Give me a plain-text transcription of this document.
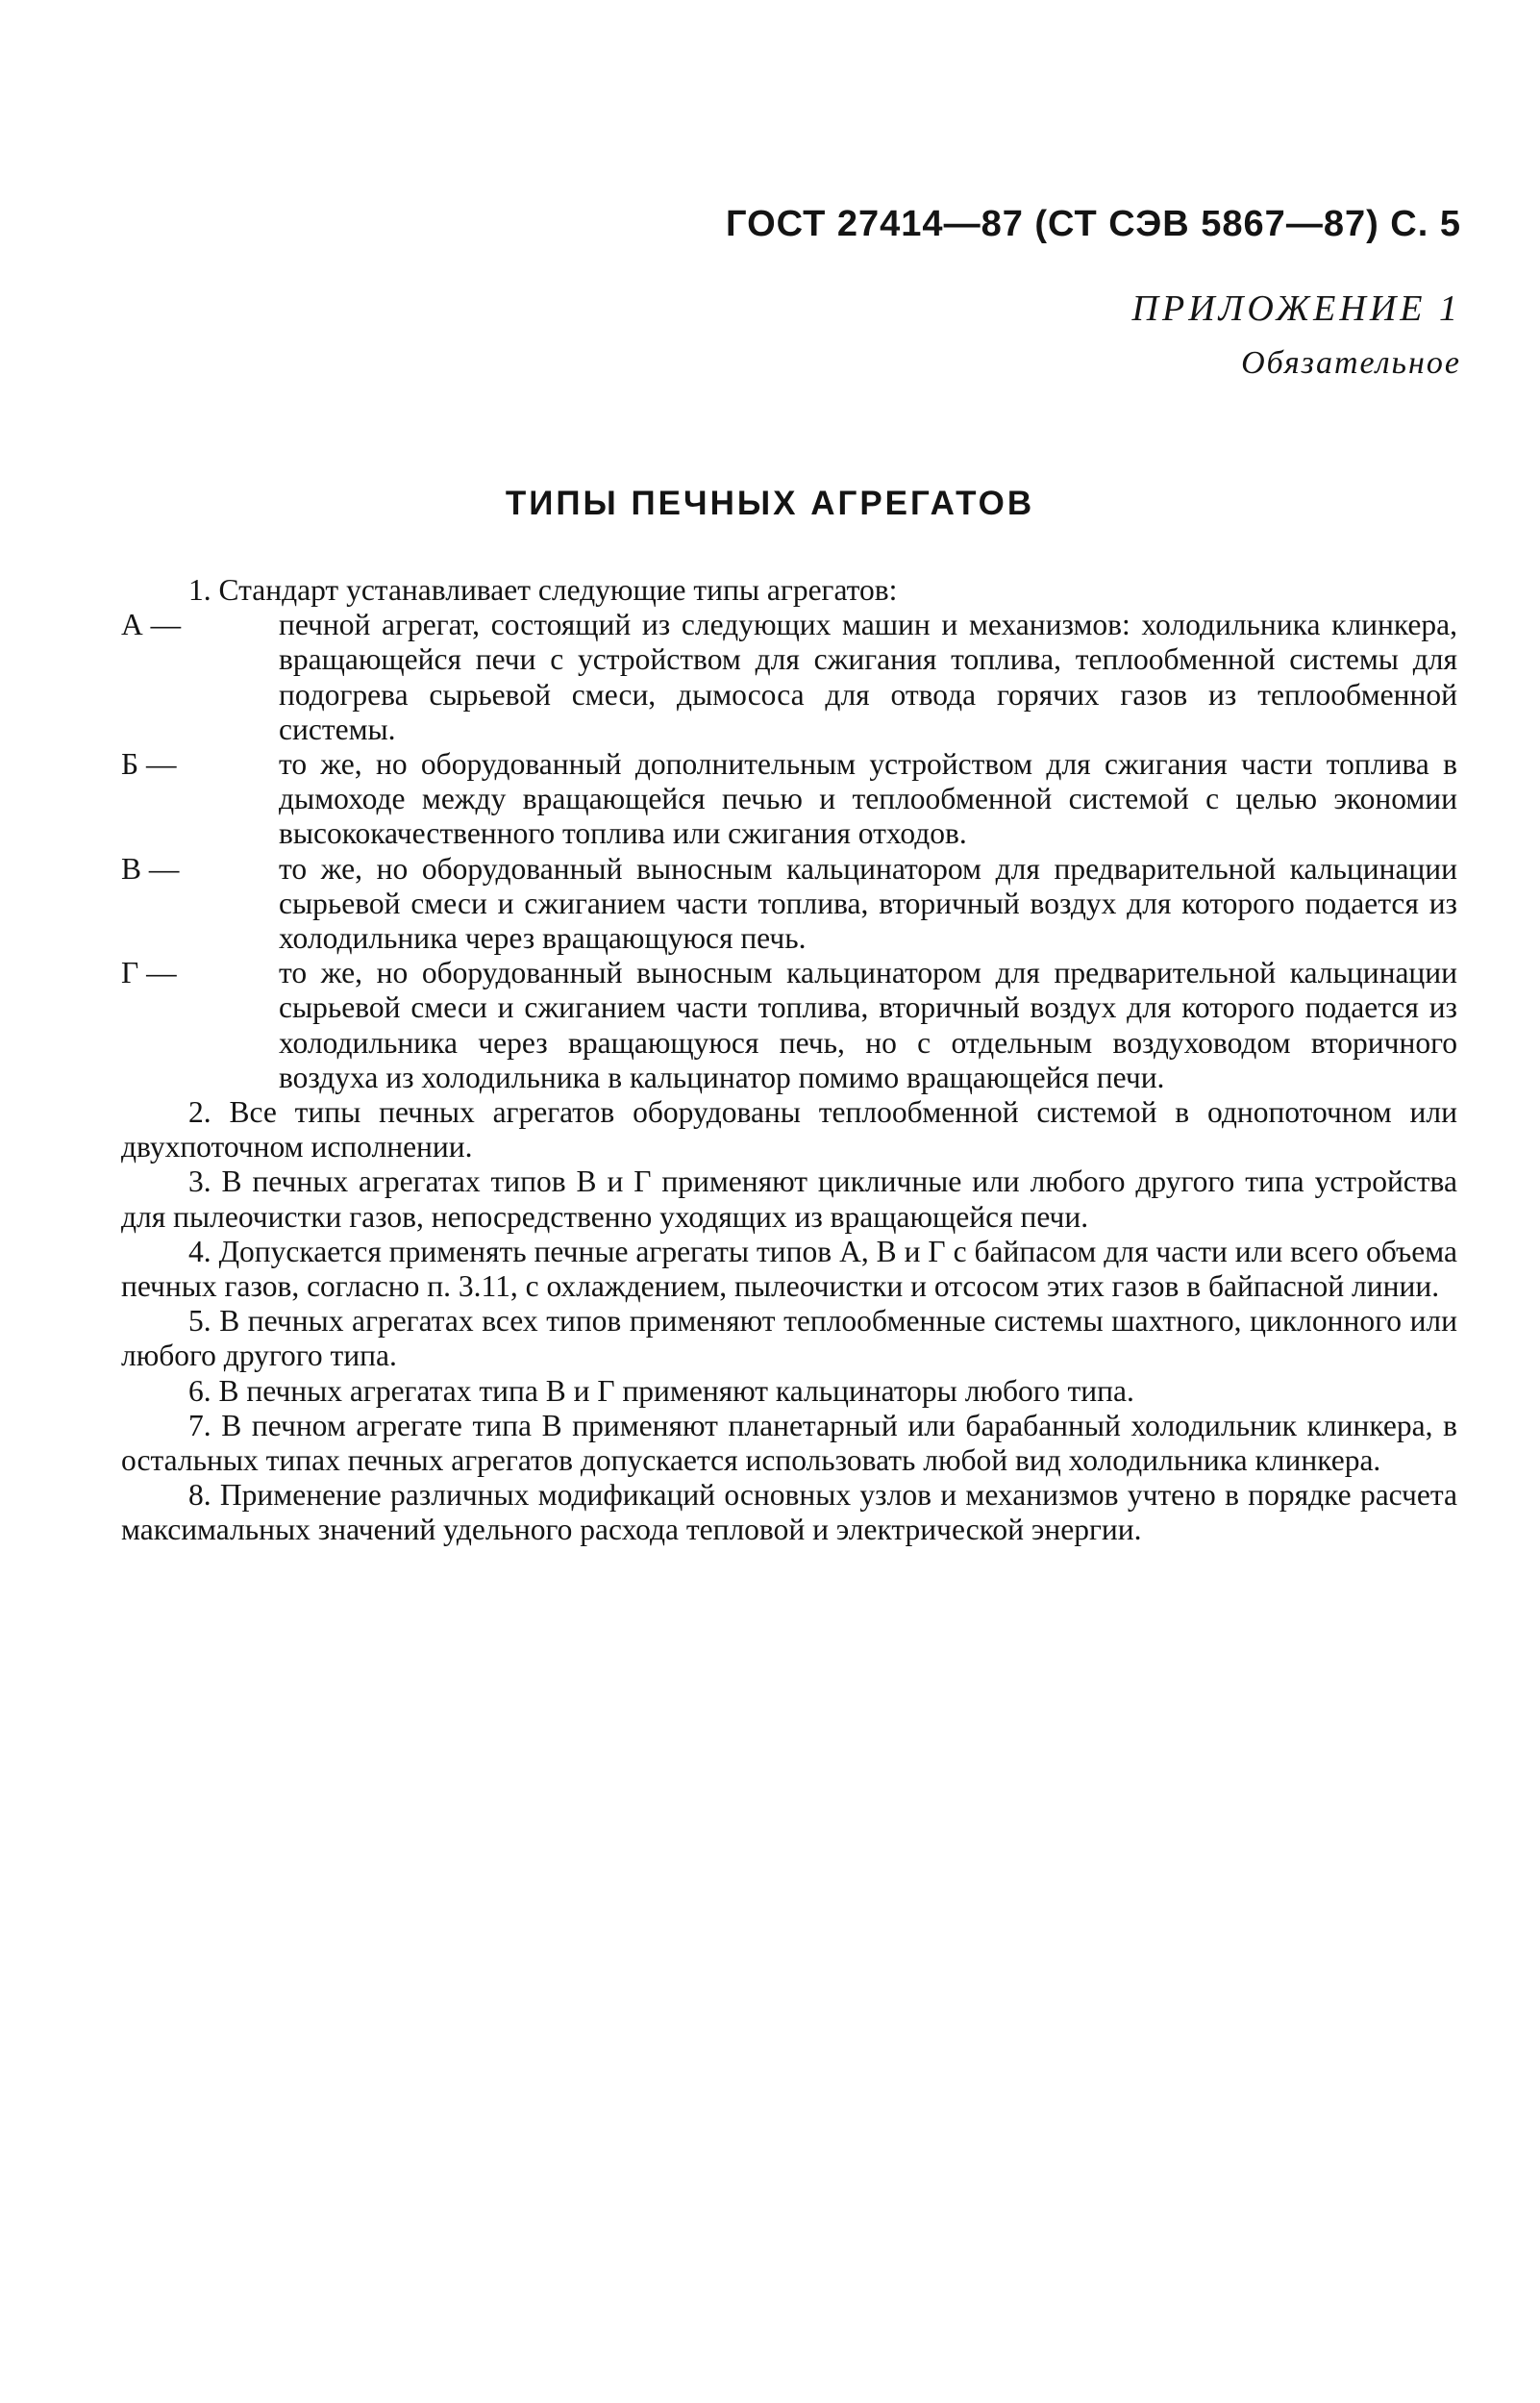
ГОСТ 27414—87 (СТ СЭВ 5867—87) С. 5
ПРИЛОЖЕНИЕ 1
Обязательное
ТИПЫ ПЕЧНЫХ АГРЕГАТОВ

1. Стандарт устанавливает следующие типы агрегатов:

А —	печной агрегат, состоящий из следующих машин и механизмов: холодильника клинкера, вращающейся печи с устройством для сжигания топлива, теплообменной системы для подогрева сырьевой смеси, дымососа для отвода горячих газов из теплообменной системы.

Б —	то же, но оборудованный дополнительным устройством для сжигания части топлива в дымоходе между вращающейся печью и теплообменной системой с целью экономии высококачественного топлива или сжигания отходов.

В —	то же, но оборудованный выносным кальцинатором для предварительной кальцинации сырьевой смеси и сжиганием части топлива, вторичный воздух для которого подается из холодильника через вращающуюся печь.

Г —	то же, но оборудованный выносным кальцинатором для предварительной кальцинации сырьевой смеси и сжиганием части топлива, вторичный воздух для которого подается из холодильника через вращающуюся печь, но с отдельным воздуховодом вторичного воздуха из холодильника в кальцинатор помимо вращающейся печи.

2. Все типы печных агрегатов оборудованы теплообменной системой в однопоточном или двухпоточном исполнении.

3. В печных агрегатах типов В и Г применяют цикличные или любого другого типа устройства для пылеочистки газов, непосредственно уходящих из вращающейся печи.

4. Допускается применять печные агрегаты типов А, В и Г с байпасом для части или всего объема печных газов, согласно п. 3.11, с охлаждением, пылеочистки и отсосом этих газов в байпасной линии.

5. В печных агрегатах всех типов применяют теплообменные системы шахтного, циклонного или любого другого типа.

6. В печных агрегатах типа В и Г применяют кальцинаторы любого типа.

7. В печном агрегате типа В применяют планетарный или барабанный холодильник клинкера, в остальных типах печных агрегатов допускается использовать любой вид холодильника клинкера.

8. Применение различных модификаций основных узлов и механизмов учтено в порядке расчета максимальных значений удельного расхода тепловой и электрической энергии.
